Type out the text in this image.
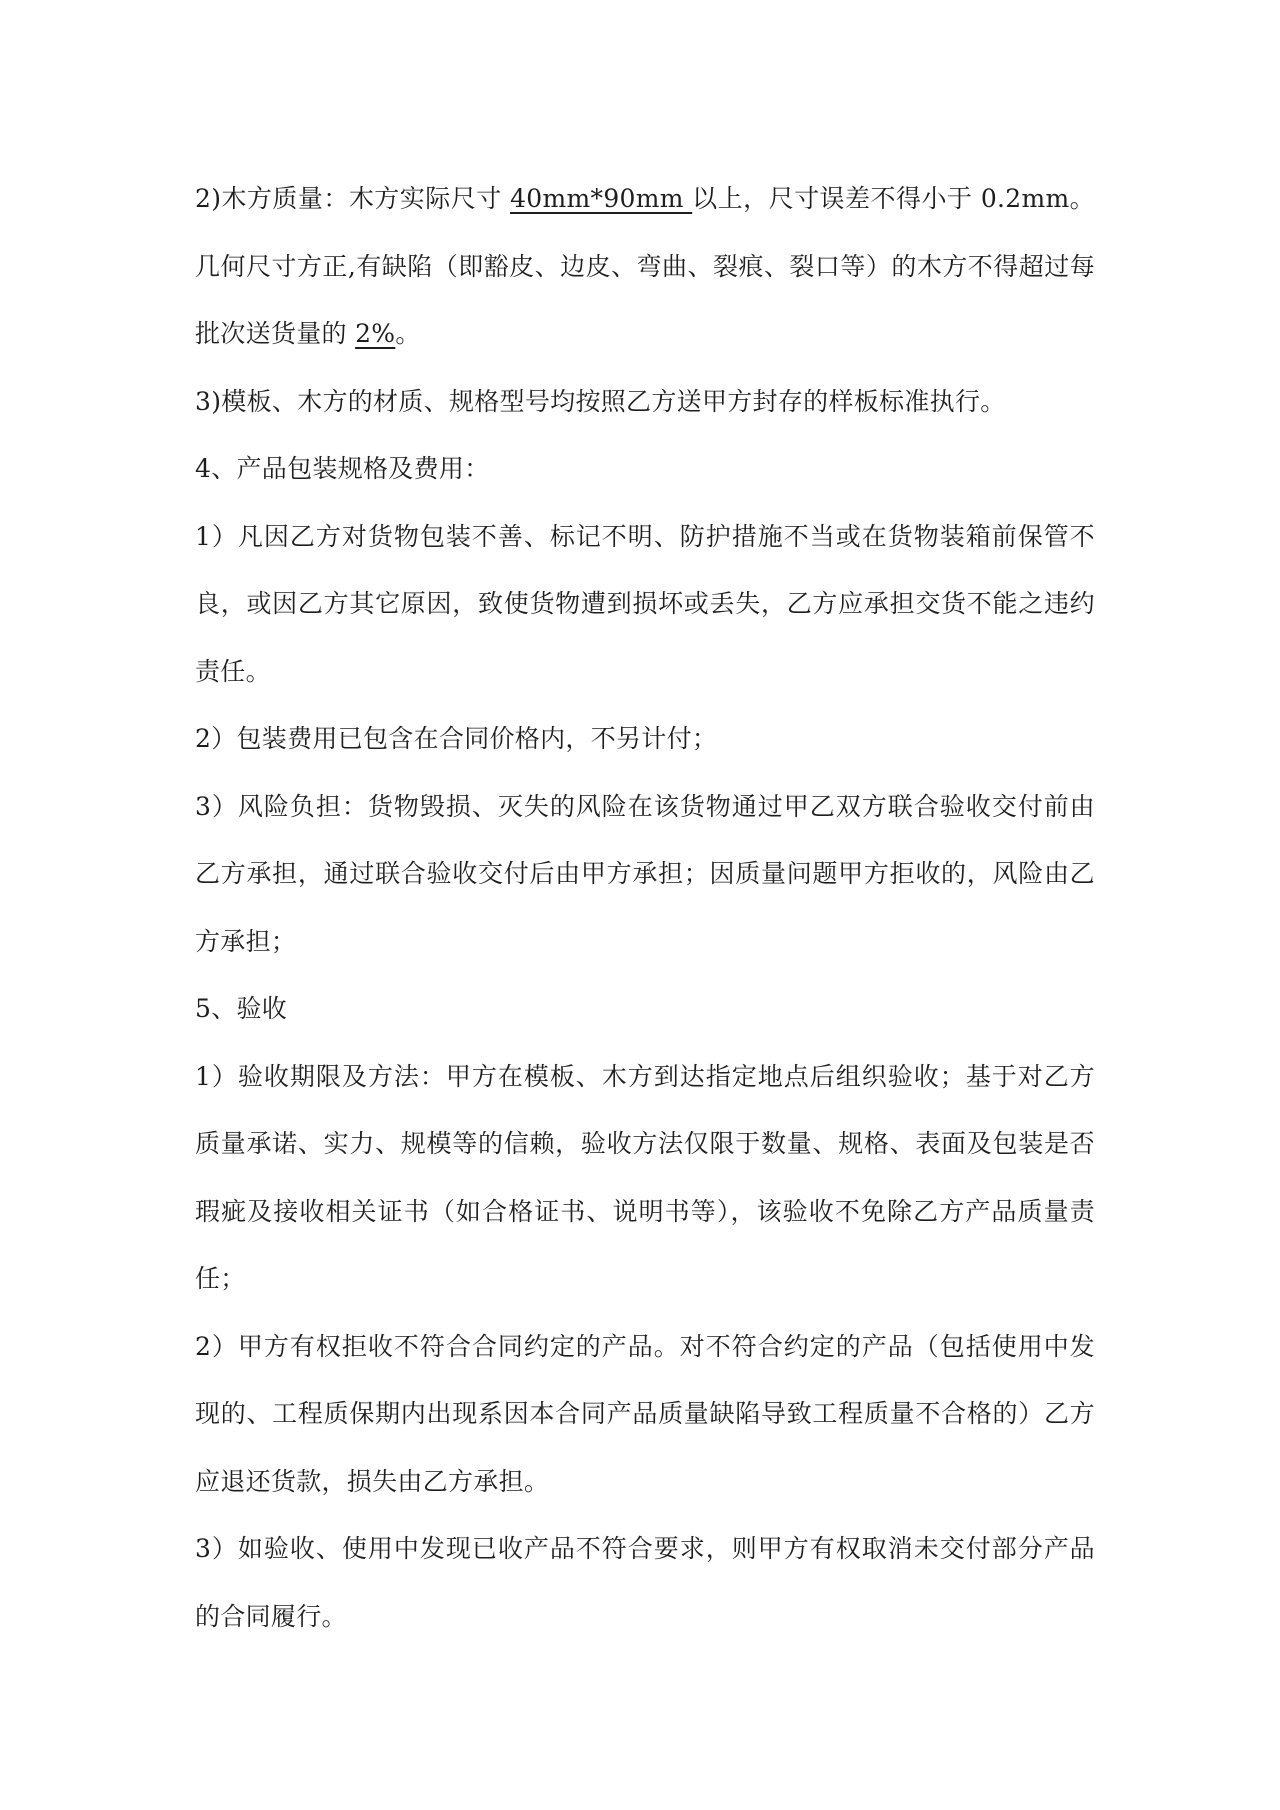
2)木方质量：木方实际尺寸 40mm*90mm 以上，尺寸误差不得小于 0.2mm。几何尺寸方正,有缺陷（即豁皮、边皮、弯曲、裂痕、裂口等）的木方不得超过每批次送货量的 2%。

3)模板、木方的材质、规格型号均按照乙方送甲方封存的样板标准执行。

4、产品包装规格及费用：

1）凡因乙方对货物包装不善、标记不明、防护措施不当或在货物装箱前保管不良，或因乙方其它原因，致使货物遭到损坏或丢失，乙方应承担交货不能之违约责任。

2）包装费用已包含在合同价格内，不另计付；

3）风险负担：货物毁损、灭失的风险在该货物通过甲乙双方联合验收交付前由乙方承担，通过联合验收交付后由甲方承担；因质量问题甲方拒收的，风险由乙方承担；

5、验收

1）验收期限及方法：甲方在模板、木方到达指定地点后组织验收；基于对乙方质量承诺、实力、规模等的信赖，验收方法仅限于数量、规格、表面及包装是否瑕疵及接收相关证书（如合格证书、说明书等），该验收不免除乙方产品质量责任；

2）甲方有权拒收不符合合同约定的产品。对不符合约定的产品（包括使用中发现的、工程质保期内出现系因本合同产品质量缺陷导致工程质量不合格的）乙方应退还货款，损失由乙方承担。

3）如验收、使用中发现已收产品不符合要求，则甲方有权取消未交付部分产品的合同履行。
